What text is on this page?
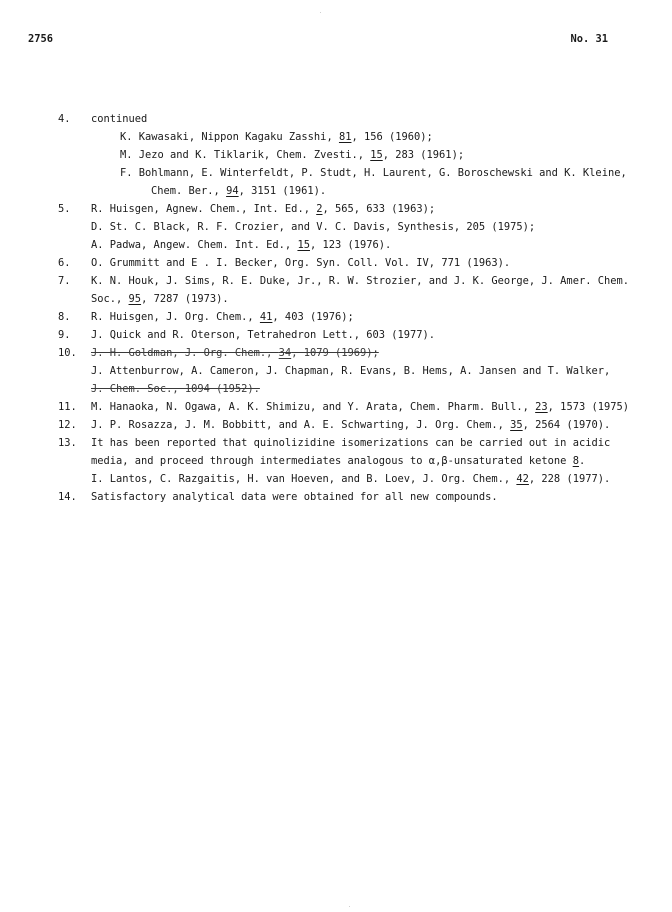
2756	No. 31
4.	continued
K. Kawasaki, Nippon Kagaku Zasshi, 81, 156 (1960);
M. Jezo and K. Tiklarik, Chem. Zvesti., 15, 283 (1961);
F. Bohlmann, E. Winterfeldt, P. Studt, H. Laurent, G. Boroschewski and K. Kleine,
Chem. Ber., 94, 3151 (1961).
5.	R. Huisgen, Agnew. Chem., Int. Ed., 2, 565, 633 (1963);
D. St. C. Black, R. F. Crozier, and V. C. Davis, Synthesis, 205 (1975);
A. Padwa, Angew. Chem. Int. Ed., 15, 123 (1976).
6.	O. Grummitt and E . I. Becker, Org. Syn. Coll. Vol. IV, 771 (1963).
7.	K. N. Houk, J. Sims, R. E. Duke, Jr., R. W. Strozier, and J. K. George, J. Amer. Chem.
Soc., 95, 7287 (1973).
8.	R. Huisgen, J. Org. Chem., 41, 403 (1976);
9.	J. Quick and R. Oterson, Tetrahedron Lett., 603 (1977).
10.	J. H. Goldman, J. Org. Chem., 34, 1079 (1969);
J. Attenburrow, A. Cameron, J. Chapman, R. Evans, B. Hems, A. Jansen and T. Walker,
J. Chem. Soc., 1094 (1952).
11.	M. Hanaoka, N. Ogawa, A. K. Shimizu, and Y. Arata, Chem. Pharm. Bull., 23, 1573 (1975)
12.	J. P. Rosazza, J. M. Bobbitt, and A. E. Schwarting, J. Org. Chem., 35, 2564 (1970).
13.	It has been reported that quinolizidine isomerizations can be carried out in acidic
media, and proceed through intermediates analogous to α,β-unsaturated ketone 8.
I. Lantos, C. Razgaitis, H. van Hoeven, and B. Loev, J. Org. Chem., 42, 228 (1977).
14.	Satisfactory analytical data were obtained for all new compounds.
